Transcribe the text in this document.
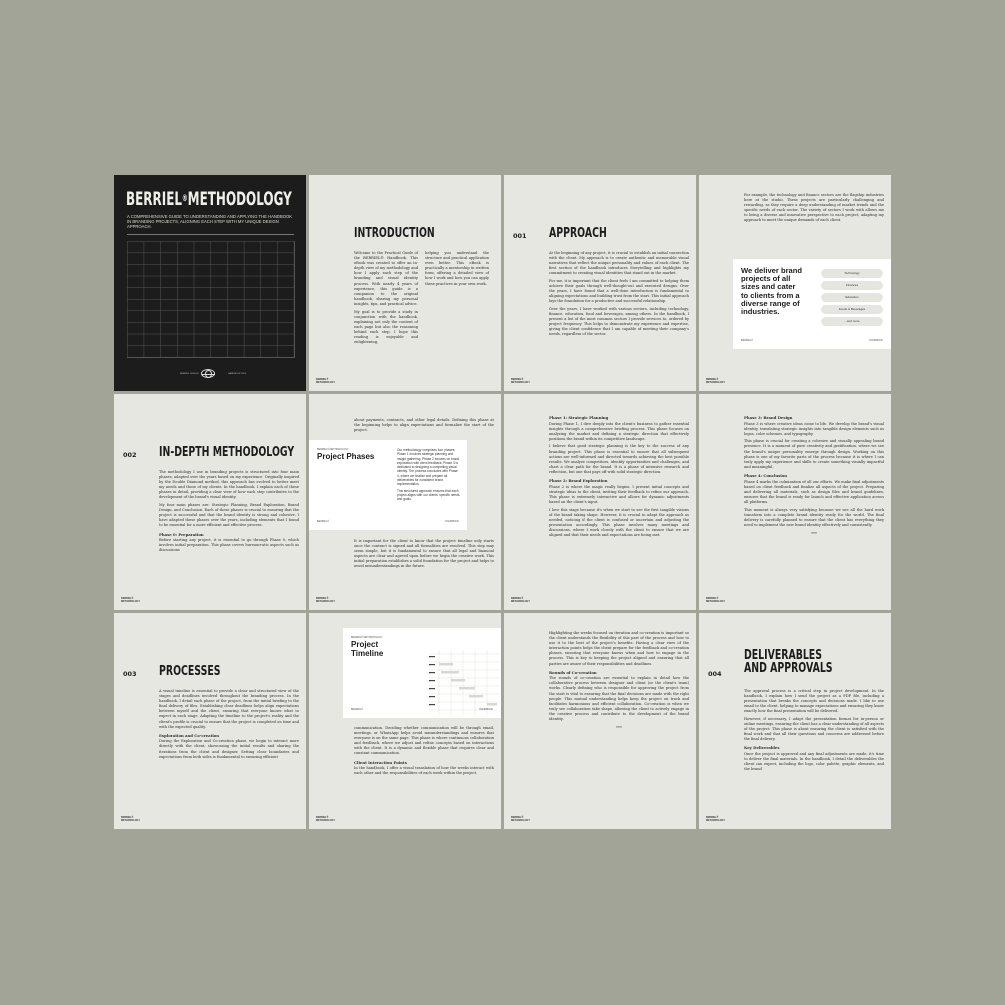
BERRIEL®METHODOLOGY
A COMPREHENSIVE GUIDE TO UNDERSTANDING AND APPLYING THE HANDBOOK IN BRANDING PROJECTS, ALIGNING EACH STEP WITH MY UNIQUE DESIGN APPROACH.
BERRIEL DESIGN	HANDBOOK 2024
INTRODUCTION

Welcome to the Practical Guide of the BERRIEL® Handbook. This eBook was created to offer an in-depth view of my methodology and how I apply each step of the branding and visual identity process. With nearly 4 years of experience, this guide is a companion to the original handbook, sharing my personal insights, tips, and practical advice.

My goal is to provide a study in conjunction with the handbook, explaining not only the content of each page but also the reasoning behind each step. I hope this reading is enjoyable and enlightening,

helping you understand the structure and practical application even better. This eBook is practically a mentorship in written form, offering a detailed view of how I work and how you can apply these practices in your own work.

BERRIEL®
METHODOLOGY
001 APPROACH

At the beginning of any project, it is crucial to establish an initial connection with the client. My approach is to create authentic and memorable visual narratives that reflect the unique personality and values of each client. The first section of the handbook introduces Storytelling and highlights my commitment to creating visual identities that stand out in the market.

For me, it is important that the client feels I am committed to helping them achieve their goals through well-thought-out and executed designs. Over the years, I have found that a well-done introduction is fundamental to aligning expectations and building trust from the start. This initial approach lays the foundation for a productive and successful relationship.

Over the years, I have worked with various sectors, including technology, finance, education, food and beverages, among others. In the handbook, I present a list of the most common sectors I provide services to, ordered by project frequency. This helps to demonstrate my experience and expertise, giving the client confidence that I am capable of meeting their company's needs, regardless of the sector.

BERRIEL®
METHODOLOGY
For example, the technology and finance sectors are the flagship industries here at the studio. These projects are particularly challenging and rewarding, as they require a deep understanding of market trends and the specific needs of each sector. The variety of sectors I work with allows me to bring a diverse and innovative perspective to each project, adapting my approach to meet the unique demands of each client.
We deliver brand projects of all sizes and cater to clients from a diverse range of industries.
Technology
Finances
Education
Foods & Beverages
...and more
BERRIEL®	HANDBOOK
BERRIEL®
METHODOLOGY
002 IN-DEPTH METHODOLOGY

The methodology I use in branding projects is structured into four main phases, adapted over the years based on my experience. Originally inspired by the Double Diamond method, this approach has evolved to better meet my needs and those of my clients. In the handbook, I explain each of these phases in detail, providing a clear view of how each step contributes to the development of the brand's visual identity.

My four main phases are: Strategic Planning, Brand Exploration, Brand Design, and Conclusion. Each of these phases is crucial to ensuring that the project is successful and that the brand identity is strong and cohesive. I have adapted these phases over the years, including elements that I found to be essential for a more efficient and effective process.

Phase 0: Preparation

Before starting any project, it is essential to go through Phase 0, which involves initial preparation. This phase covers bureaucratic aspects such as discussions

BERRIEL®
METHODOLOGY
about payments, contracts, and other legal details. Defining this phase at the beginning helps to align expectations and formalize the start of the project.
BERRIEL® METHODOLOGY
Project Phases
Our methodology comprises four phases: Phase 1 involves strategic planning and insight gathering. Phase 2 focuses on brand exploration with client feedback. Phase 3 is dedicated to designing a compelling visual identity. The process concludes with Phase 4, where we finalize and prepare all deliverables for consistent brand implementation.
This structured approach ensures that each project aligns with our clients' specific needs and goals.
BERRIEL®	HANDBOOK
It is important for the client to know that the project timeline only starts once the contract is signed and all formalities are resolved. This step may seem simple, but it is fundamental to ensure that all legal and financial aspects are clear and agreed upon before we begin the creative work. This initial preparation establishes a solid foundation for the project and helps to avoid misunderstandings in the future.
BERRIEL®
METHODOLOGY
Phase 1: Strategic Planning

During Phase 1, I dive deeply into the client's business to gather essential insights through a comprehensive briefing process. This phase focuses on analyzing the market and defining a strategic direction that effectively positions the brand within its competitive landscape.

I believe that good strategic planning is the key to the success of any branding project. This phase is essential to ensure that all subsequent actions are well-informed and directed towards achieving the best possible results. We analyze competitors, identify opportunities and challenges, and chart a clear path for the brand. It is a phase of intensive research and reflection, but one that pays off with solid strategic direction.

Phase 2: Brand Exploration

Phase 2 is where the magic really begins. I present initial concepts and strategic ideas to the client, inviting their feedback to refine our approach. This phase is extremely interactive and allows for dynamic adjustments based on the client's input.

I love this stage because it's when we start to see the first tangible visions of the brand taking shape. However, it is crucial to adapt the approach as needed, noticing if the client is confused or uncertain and adjusting the presentation accordingly. This phase involves many meetings and discussions, where I work closely with the client to ensure that we are aligned and that their needs and expectations are being met.

BERRIEL®
METHODOLOGY
Phase 3: Brand Design

Phase 3 is where creative ideas come to life. We develop the brand's visual identity, translating strategic insights into tangible design elements such as logos, color schemes, and typography.

This phase is crucial for creating a cohesive and visually appealing brand presence. It is a moment of pure creativity and gratification, where we see the brand's unique personality emerge through design. Working on this phase is one of my favorite parts of the process because it is where I can truly apply my experience and skills to create something visually impactful and meaningful.

Phase 4: Conclusion

Phase 4 marks the culmination of all our efforts. We make final adjustments based on client feedback and finalize all aspects of the project. Preparing and delivering all materials, such as design files and brand guidelines, ensures that the brand is ready for launch and effective application across all platforms.

This moment is always very satisfying because we see all the hard work transform into a complete brand identity ready for the world. The final delivery is carefully planned to ensure that the client has everything they need to implement the new brand identity effectively and consistently.

***
BERRIEL®
METHODOLOGY
003 PROCESSES

A visual timeline is essential to provide a clear and structured view of the stages and deadlines involved throughout the branding process. In the handbook, I detail each phase of the project, from the initial briefing to the final delivery of files. Establishing clear deadlines helps align expectations between myself and the client, ensuring that everyone knows what to expect in each stage. Adapting the timeline to the project's reality and the client's profile is crucial to ensure that the project is completed on time and with the expected quality.

Exploration and Co-creation

During the Exploration and Co-creation phase, we begin to interact more directly with the client, showcasing the initial results and sharing the iterations from the client and designer. Setting clear boundaries and expectations from both sides is fundamental to ensuring efficient

BERRIEL®
METHODOLOGY
BERRIEL® METHODOLOGY
Project Timeline
BERRIEL®	HANDBOOK

communication. Deciding whether communication will be through email, meetings, or WhatsApp helps avoid misunderstandings and ensures that everyone is on the same page. This phase is where continuous collaboration and feedback, where we adjust and refine concepts based on interactions with the client. It is a dynamic and flexible phase that requires clear and constant communication.

Client Interaction Points

In the handbook, I offer a visual translation of how the weeks interact with each other and the responsibilities of each week within the project.

BERRIEL®
METHODOLOGY

Highlighting the weeks focused on iteration and co-creation is important so the client understands the flexibility of this part of the process and how to use it to the best of the project's benefits. Having a clear view of the interaction points helps the client prepare for the feedback and co-creation phases, ensuring that everyone knows when and how to engage in the process. This is key to keeping the project aligned and ensuring that all parties are aware of their responsibilities and deadlines.

Rounds of Co-creation

The rounds of co-creation are essential to explain in detail how the collaborative process between designer and client (or the client's team) works. Clearly defining who is responsible for approving the project from the start is vital to ensuring that the final decisions are made with the right people. This mutual understanding helps keep the project on track and facilitates harmonious and efficient collaboration. Co-creation is when we truly see collaboration take shape, allowing the client to actively engage in the creative process and contribute to the development of the brand identity.

***
BERRIEL®
METHODOLOGY
004
DELIVERABLES
AND APPROVALS

The approval process is a critical step in project development. In the handbook, I explain how I send the project as a PDF file, including a presentation that breaks the concepts and decisions made. I like to use email to the client, helping to manage expectations and ensuring they know exactly how the final presentation will be delivered.

However, if necessary, I adapt the presentation format for in-person or online meetings, ensuring the client has a clear understanding of all aspects of the project. This phase is about ensuring the client is satisfied with the final work and that all their questions and concerns are addressed before the final delivery.

Key Deliverables

Once the project is approved and any final adjustments are made, it's time to deliver the final materials. In the handbook, I detail the deliverables the client can expect, including the logo, color palette, graphic elements, and the brand

BERRIEL®
METHODOLOGY
